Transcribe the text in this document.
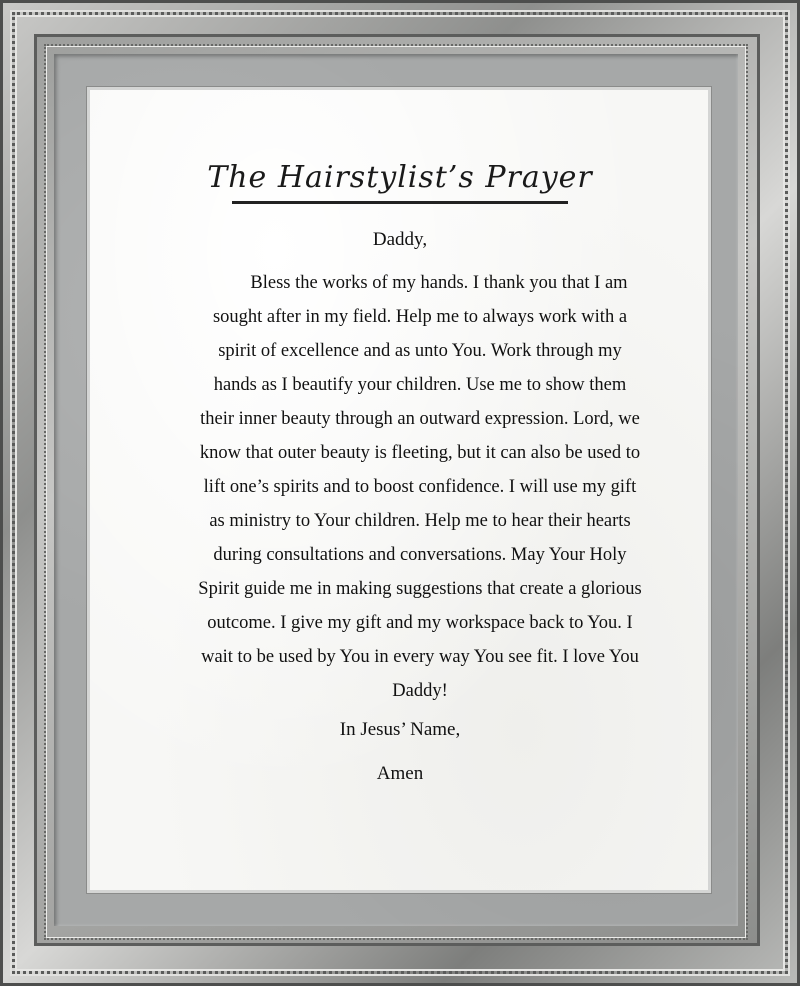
The Hairstylist’s Prayer
Daddy,

Bless the works of my hands. I thank you that I am sought after in my field. Help me to always work with a spirit of excellence and as unto You. Work through my hands as I beautify your children. Use me to show them their inner beauty through an outward expression. Lord, we know that outer beauty is fleeting, but it can also be used to lift one’s spirits and to boost confidence. I will use my gift as ministry to Your children. Help me to hear their hearts during consultations and conversations. May Your Holy Spirit guide me in making suggestions that create a glorious outcome. I give my gift and my workspace back to You. I wait to be used by You in every way You see fit. I love You Daddy!

In Jesus’ Name,
Amen
